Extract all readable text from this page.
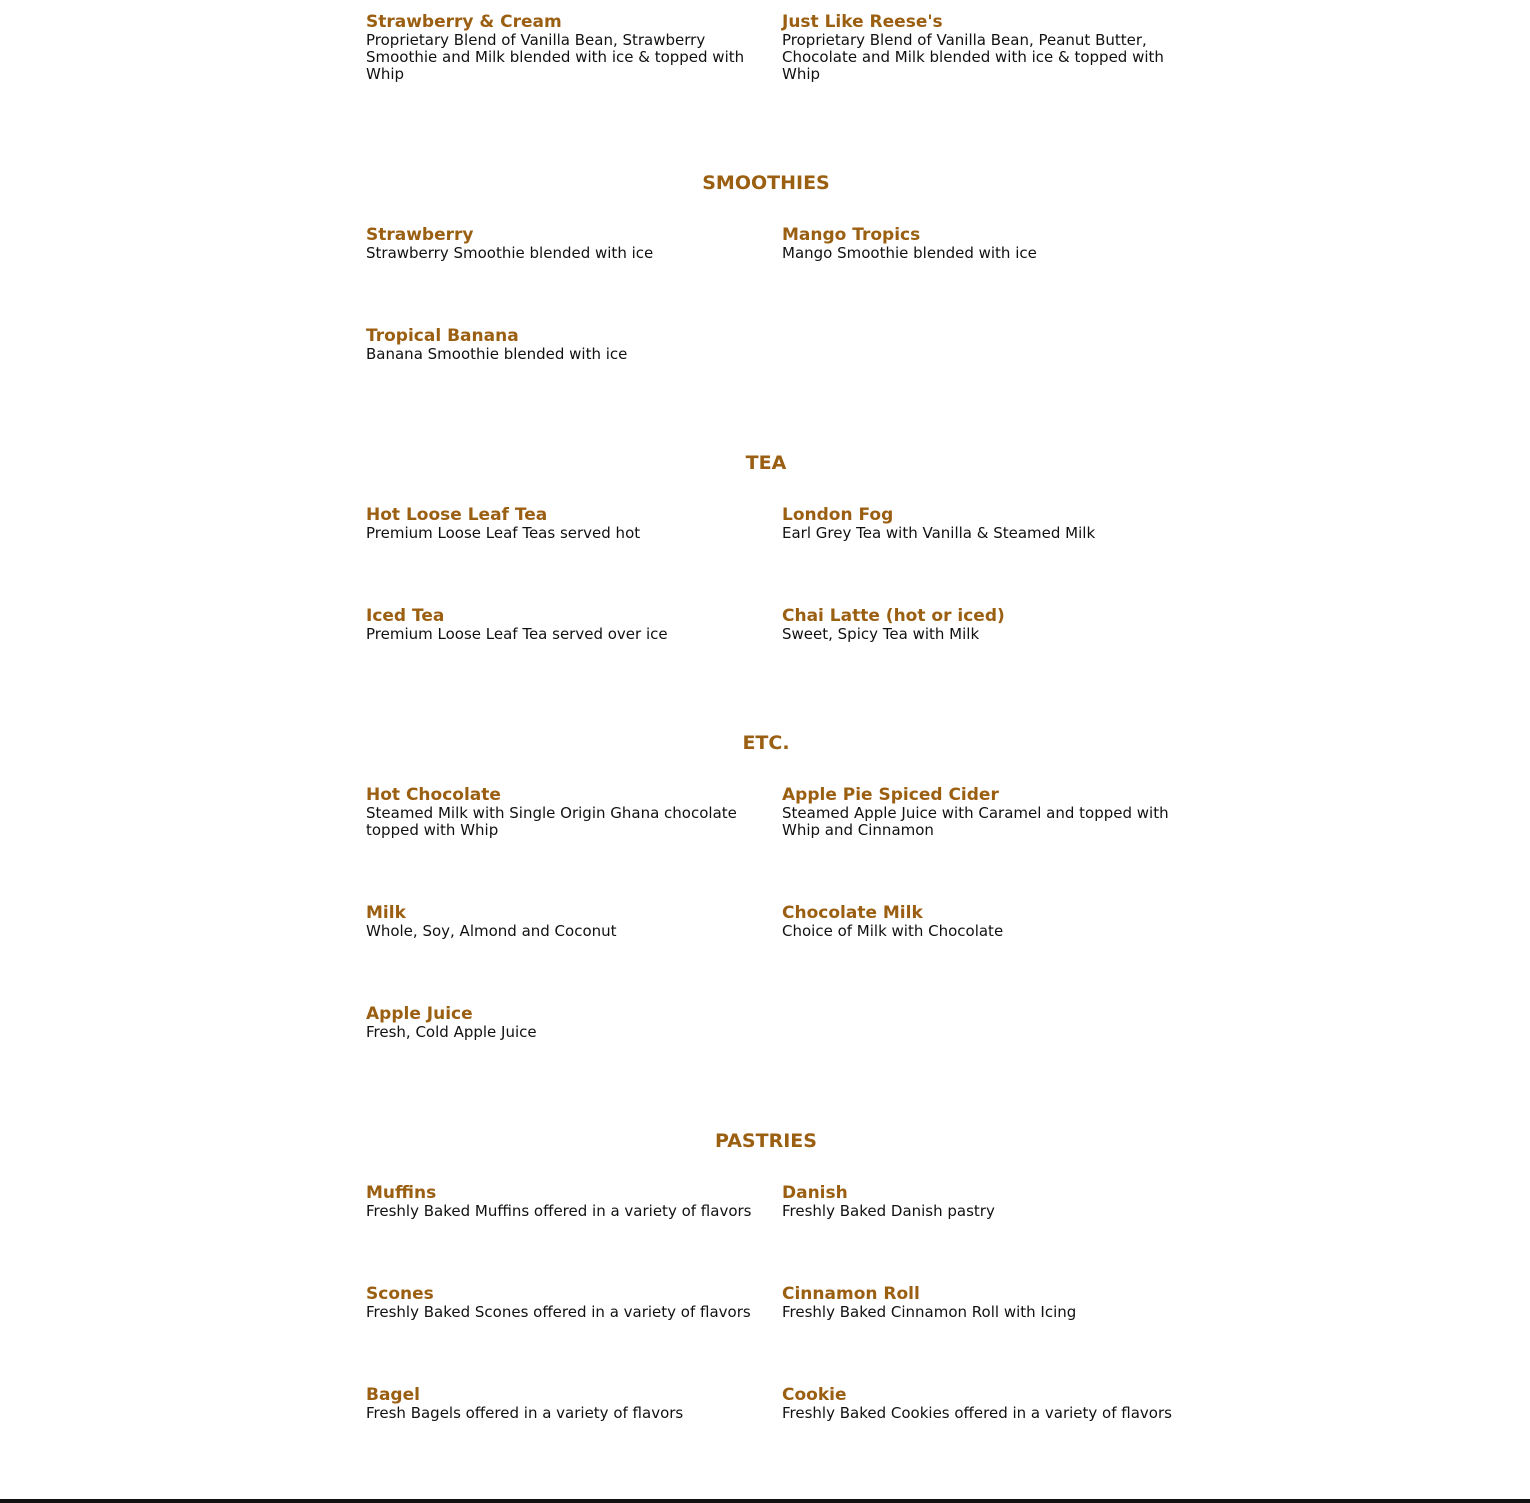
Strawberry & Cream
Proprietary Blend of Vanilla Bean, Strawberry Smoothie and Milk blended with ice & topped with Whip
Just Like Reese's
Proprietary Blend of Vanilla Bean, Peanut Butter, Chocolate and Milk blended with ice & topped with Whip
SMOOTHIES
Strawberry
Strawberry Smoothie blended with ice
Mango Tropics
Mango Smoothie blended with ice
Tropical Banana
Banana Smoothie blended with ice
TEA
Hot Loose Leaf Tea
Premium Loose Leaf Teas served hot
London Fog
Earl Grey Tea with Vanilla & Steamed Milk
Iced Tea
Premium Loose Leaf Tea served over ice
Chai Latte (hot or iced)
Sweet, Spicy Tea with Milk
ETC.
Hot Chocolate
Steamed Milk with Single Origin Ghana chocolate topped with Whip
Apple Pie Spiced Cider
Steamed Apple Juice with Caramel and topped with Whip and Cinnamon
Milk
Whole, Soy, Almond and Coconut
Chocolate Milk
Choice of Milk with Chocolate
Apple Juice
Fresh, Cold Apple Juice
PASTRIES
Muffins
Freshly Baked Muffins offered in a variety of flavors
Danish
Freshly Baked Danish pastry
Scones
Freshly Baked Scones offered in a variety of flavors
Cinnamon Roll
Freshly Baked Cinnamon Roll with Icing
Bagel
Fresh Bagels offered in a variety of flavors
Cookie
Freshly Baked Cookies offered in a variety of flavors
